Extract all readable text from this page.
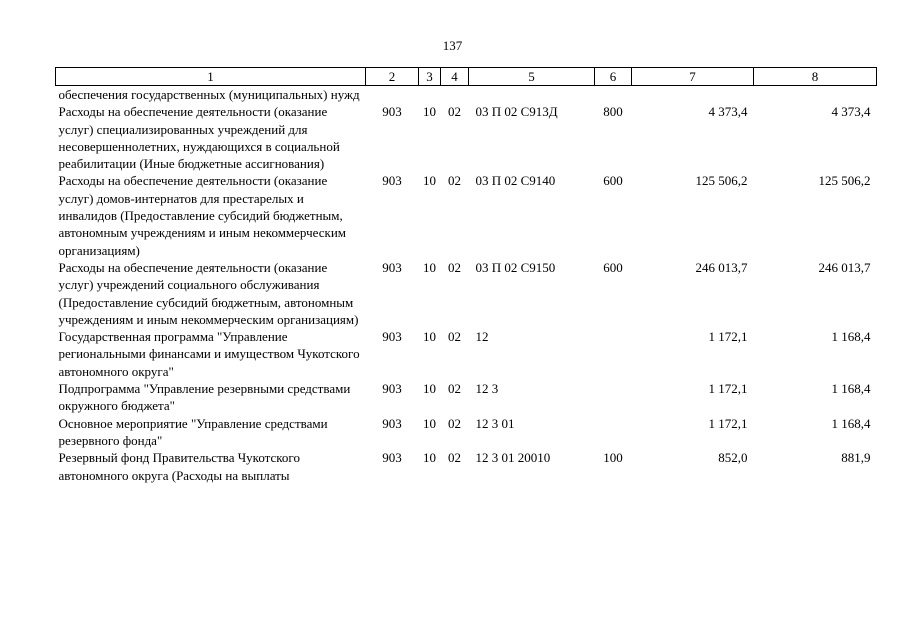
137
1	2	3	4	5	6	7	8
обеспечения государственных (муниципальных) нужд							
Расходы на обеспечение деятельности (оказание услуг) специализированных учреждений для несовершеннолетних, нуждающихся в социальной реабилитации (Иные бюджетные ассигнования)	903	10	02	03 П 02 С913Д	800	4 373,4	4 373,4
Расходы на обеспечение деятельности (оказание услуг) домов-интернатов для престарелых и инвалидов (Предоставление субсидий бюджетным, автономным учреждениям и иным некоммерческим организациям)	903	10	02	03 П 02 С9140	600	125 506,2	125 506,2
Расходы на обеспечение деятельности (оказание услуг) учреждений социального обслуживания (Предоставление субсидий бюджетным, автономным учреждениям и иным некоммерческим организациям)	903	10	02	03 П 02 С9150	600	246 013,7	246 013,7
Государственная программа "Управление региональными финансами и имуществом Чукотского автономного округа"	903	10	02	12		1 172,1	1 168,4
Подпрограмма "Управление резервными средствами окружного бюджета"	903	10	02	12 3		1 172,1	1 168,4
Основное мероприятие "Управление средствами резервного фонда"	903	10	02	12 3 01		1 172,1	1 168,4
Резервный фонд Правительства Чукотского автономного округа (Расходы на выплаты	903	10	02	12 3 01 20010	100	852,0	881,9
